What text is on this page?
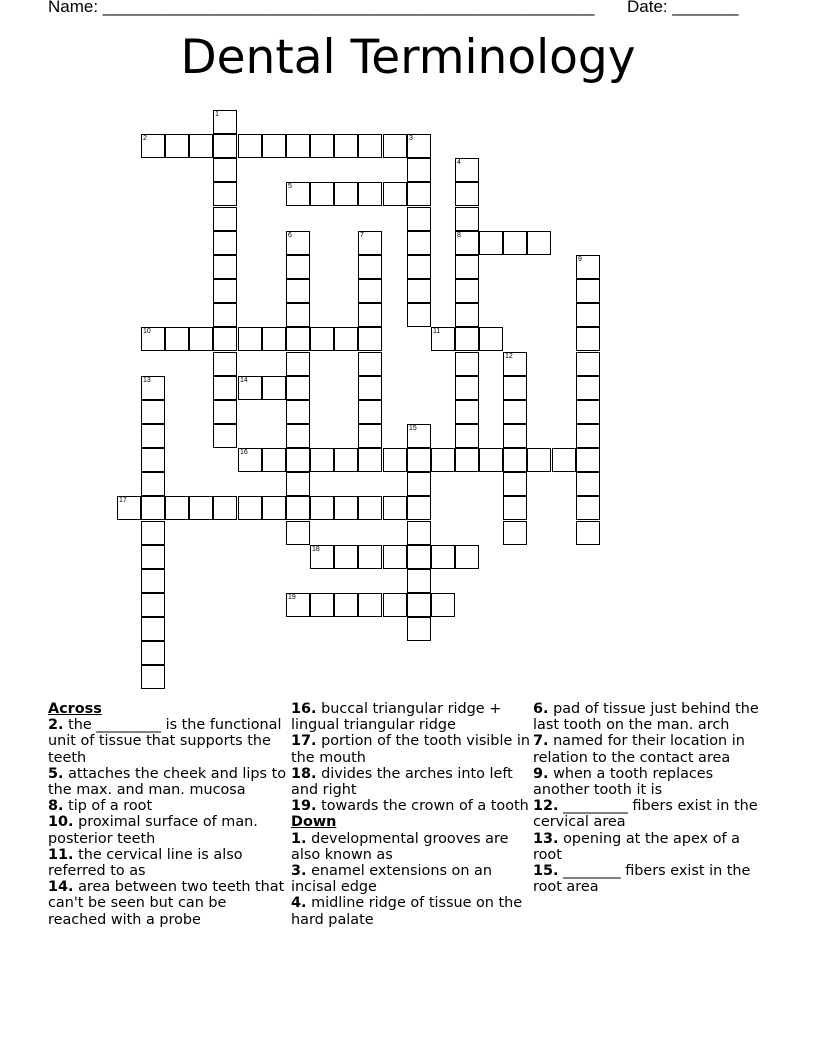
Name: ____________________________________________________ Date: _______
Dental Terminology
1
2	3
4
8
5
6	7
9
10	11
12
13	14
15
16
17
18
19
Across

2. the _________ is the functional unit of tissue that supports the teeth

5. attaches the cheek and lips to the max. and man. mucosa

8. tip of a root

10. proximal surface of man. posterior teeth

11. the cervical line is also referred to as

14. area between two teeth that can't be seen but can be reached with a probe

16. buccal triangular ridge + lingual triangular ridge

17. portion of the tooth visible in the mouth

18. divides the arches into left and right

19. towards the crown of a tooth

Down

1. developmental grooves are also known as

3. enamel extensions on an incisal edge

4. midline ridge of tissue on the hard palate

6. pad of tissue just behind the last tooth on the man. arch

7. named for their location in relation to the contact area

9. when a tooth replaces another tooth it is

12. _________ fibers exist in the cervical area

13. opening at the apex of a root

15. ________ fibers exist in the root area
